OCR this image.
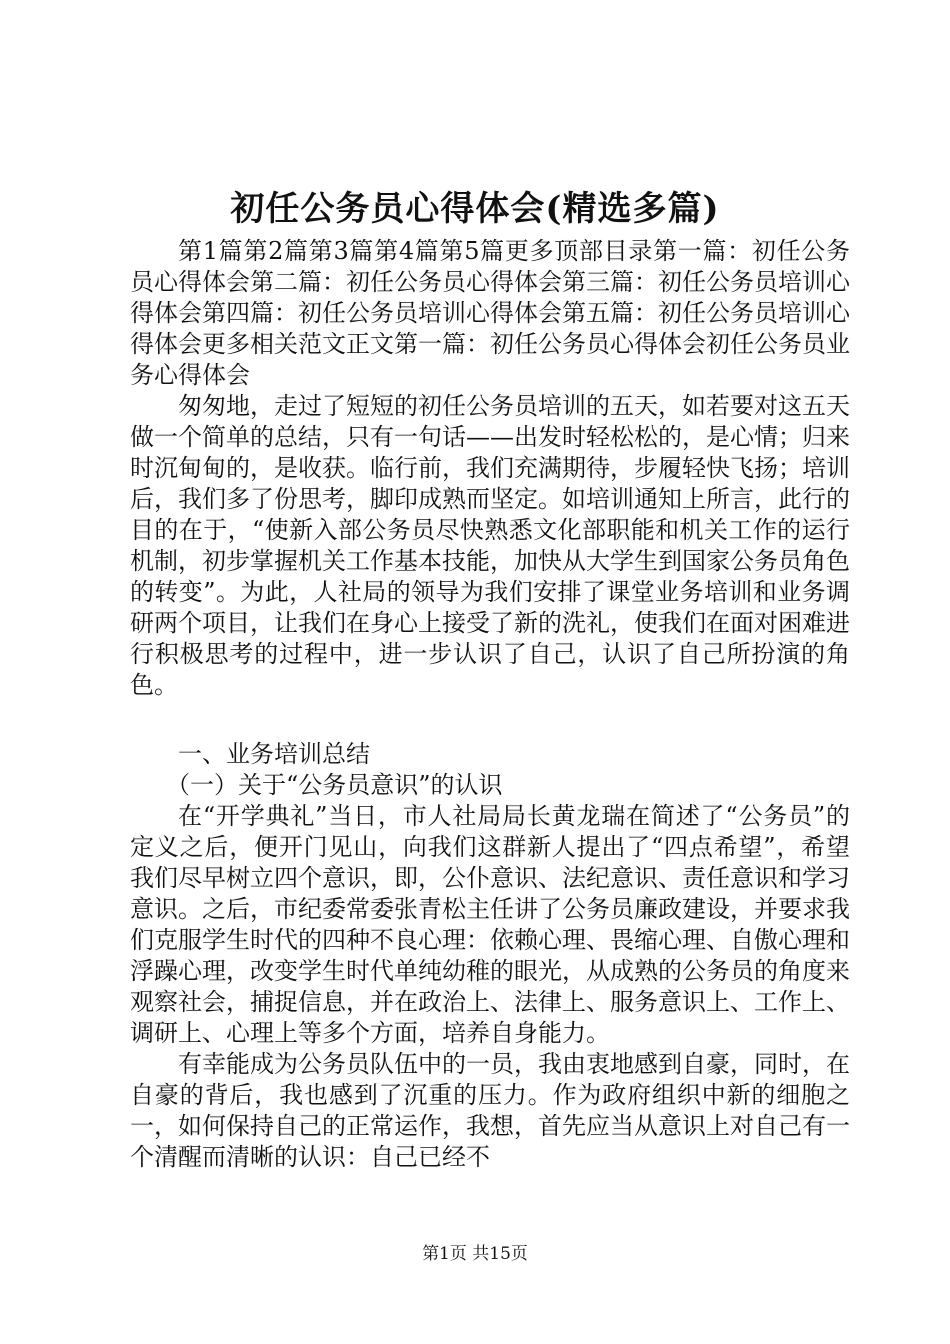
初任公务员心得体会(精选多篇)

第1篇第2篇第3篇第4篇第5篇更多顶部目录第一篇：初任公务员心得体会第二篇：初任公务员心得体会第三篇：初任公务员培训心得体会第四篇：初任公务员培训心得体会第五篇：初任公务员培训心得体会更多相关范文正文第一篇：初任公务员心得体会初任公务员业务心得体会

匆匆地，走过了短短的初任公务员培训的五天，如若要对这五天做一个简单的总结，只有一句话——出发时轻松松的，是心情；归来时沉甸甸的，是收获。临行前，我们充满期待，步履轻快飞扬；培训后，我们多了份思考，脚印成熟而坚定。如培训通知上所言，此行的目的在于，“使新入部公务员尽快熟悉文化部职能和机关工作的运行机制，初步掌握机关工作基本技能，加快从大学生到国家公务员角色的转变”。为此，人社局的领导为我们安排了课堂业务培训和业务调研两个项目，让我们在身心上接受了新的洗礼，使我们在面对困难进行积极思考的过程中，进一步认识了自己，认识了自己所扮演的角色。

一、业务培训总结

（一）关于“公务员意识”的认识

在“开学典礼”当日，市人社局局长黄龙瑞在简述了“公务员”的定义之后，便开门见山，向我们这群新人提出了“四点希望”，希望我们尽早树立四个意识，即，公仆意识、法纪意识、责任意识和学习意识。之后，市纪委常委张青松主任讲了公务员廉政建设，并要求我们克服学生时代的四种不良心理：依赖心理、畏缩心理、自傲心理和浮躁心理，改变学生时代单纯幼稚的眼光，从成熟的公务员的角度来观察社会，捕捉信息，并在政治上、法律上、服务意识上、工作上、调研上、心理上等多个方面，培养自身能力。

有幸能成为公务员队伍中的一员，我由衷地感到自豪，同时，在自豪的背后，我也感到了沉重的压力。作为政府组织中新的细胞之一，如何保持自己的正常运作，我想，首先应当从意识上对自己有一个清醒而清晰的认识：自己已经不

第1页 共15页
